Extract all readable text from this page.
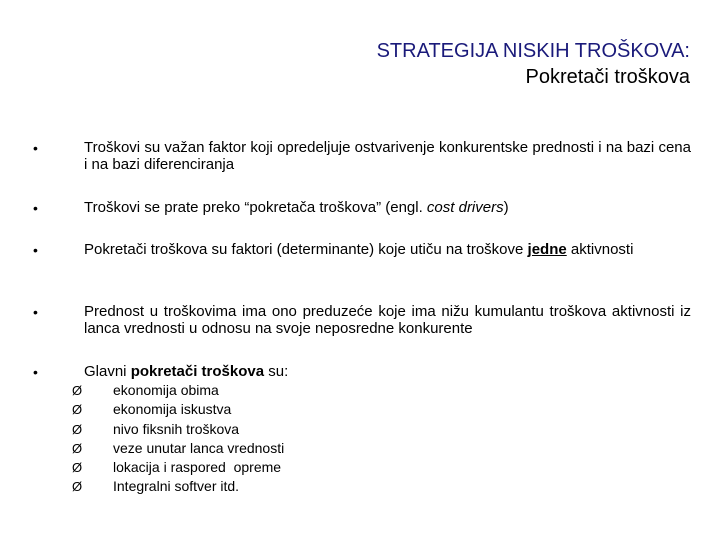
STRATEGIJA NISKIH TROŠKOVA:
Pokretači troškova
•	Troškovi su važan faktor koji opredeljuje ostvarivenje konkurentske prednosti i na bazi cena i na bazi diferenciranja
•	Troškovi se prate preko “pokretača troškova” (engl. cost drivers)
•	Pokretači troškova su faktori (determinante) koje utiču na troškove jedne aktivnosti
•	Prednost u troškovima ima ono preduzeće koje ima nižu kumulantu troškova aktivnosti iz lanca vrednosti u odnosu na svoje neposredne konkurente
•	Glavni pokretači troškova su:
Ø ekonomija obima
Ø ekonomija iskustva
Ø nivo fiksnih troškova
Ø veze unutar lanca vrednosti
Ø lokacija i raspored  opreme
Ø Integralni softver itd.
